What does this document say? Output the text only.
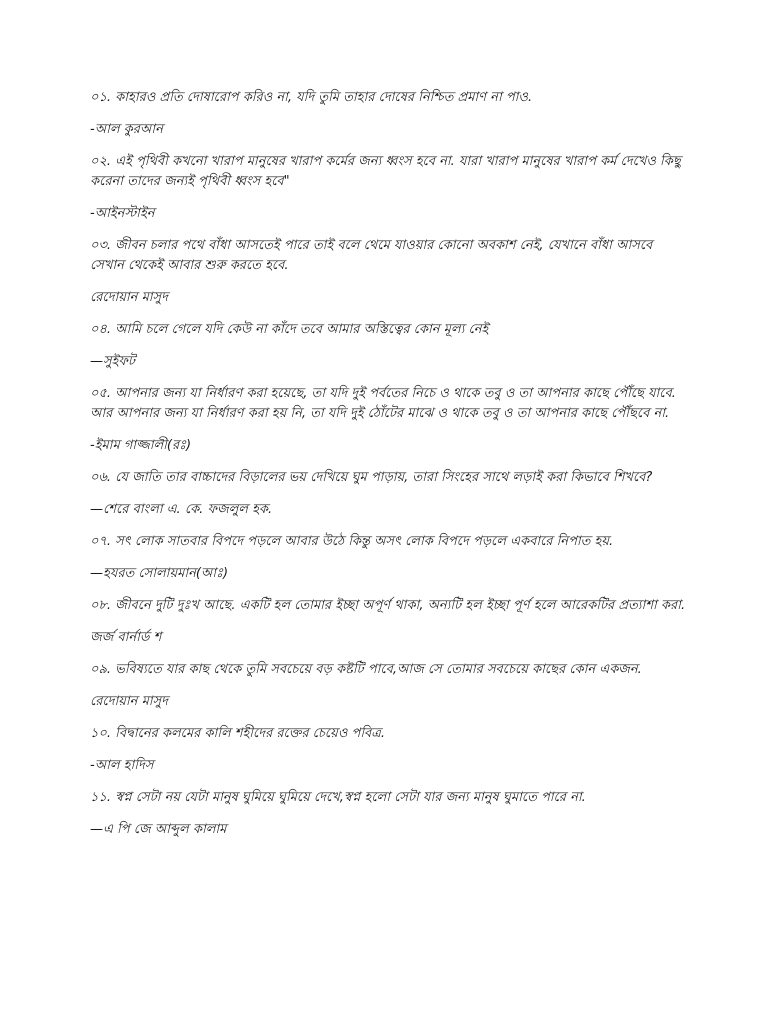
০১. কাহারও প্রতি দোষারোপ করিও না, যদি তুমি তাহার দোষের নিশ্চিত প্রমাণ না পাও.

-আল কুরআন

০২. এই পৃথিবী কখনো খারাপ মানুষের খারাপ কর্মের জন্য ধ্বংস হবে না. যারা খারাপ মানুষের খারাপ কর্ম দেখেও কিছু করেনা তাদের জন্যই পৃথিবী ধ্বংস হবে"

-আইনস্টাইন

০৩. জীবন চলার পথে বাঁধা আসতেই পারে তাই বলে থেমে যাওয়ার কোনো অবকাশ নেই, যেখানে বাঁধা আসবে সেখান থেকেই আবার শুরু করতে হবে.

রেদোয়ান মাসুদ

০৪. আমি চলে গেলে যদি কেউ না কাঁদে তবে আমার অস্তিত্বের কোন মূল্য নেই

—সুইফট

০৫. আপনার জন্য যা নির্ধারণ করা হয়েছে, তা যদি দুই পর্বতের নিচে ও থাকে তবু ও তা আপনার কাছে পৌঁছে যাবে. আর আপনার জন্য যা নির্ধারণ করা হয় নি, তা যদি দুই ঠোঁটের মাঝে ও থাকে তবু ও তা আপনার কাছে পৌঁছবে না.

-ইমাম গাজ্জালী(রঃ)

০৬. যে জাতি তার বাচ্চাদের বিড়ালের ভয় দেখিয়ে ঘুম পাড়ায়, তারা সিংহের সাথে লড়াই করা কিভাবে শিখবে?

—শেরে বাংলা এ. কে. ফজলুল হক.

০৭. সৎ লোক সাতবার বিপদে পড়লে আবার উঠে কিন্তু অসৎ লোক বিপদে পড়লে একবারে নিপাত হয়.

—হযরত সোলায়মান(আঃ)

০৮. জীবনে দুটি দুঃখ আছে. একটি হল তোমার ইচ্ছা অপূর্ণ থাকা, অন্যটি হল ইচ্ছা পূর্ণ হলে আরেকটির প্রত্যাশা করা.

জর্জ বার্নার্ড শ

০৯. ভবিষ্যতে যার কাছ থেকে তুমি সবচেয়ে বড় কষ্টটি পাবে,আজ সে তোমার সবচেয়ে কাছের কোন একজন.

রেদোয়ান মাসুদ

১০. বিদ্বানের কলমের কালি শহীদের রক্তের চেয়েও পবিত্র.

-আল হাদিস

১১. স্বপ্ন সেটা নয় যেটা মানুষ ঘুমিয়ে ঘুমিয়ে দেখে,স্বপ্ন হলো সেটা যার জন্য মানুষ ঘুমাতে পারে না.

—এ পি জে আব্দুল কালাম
